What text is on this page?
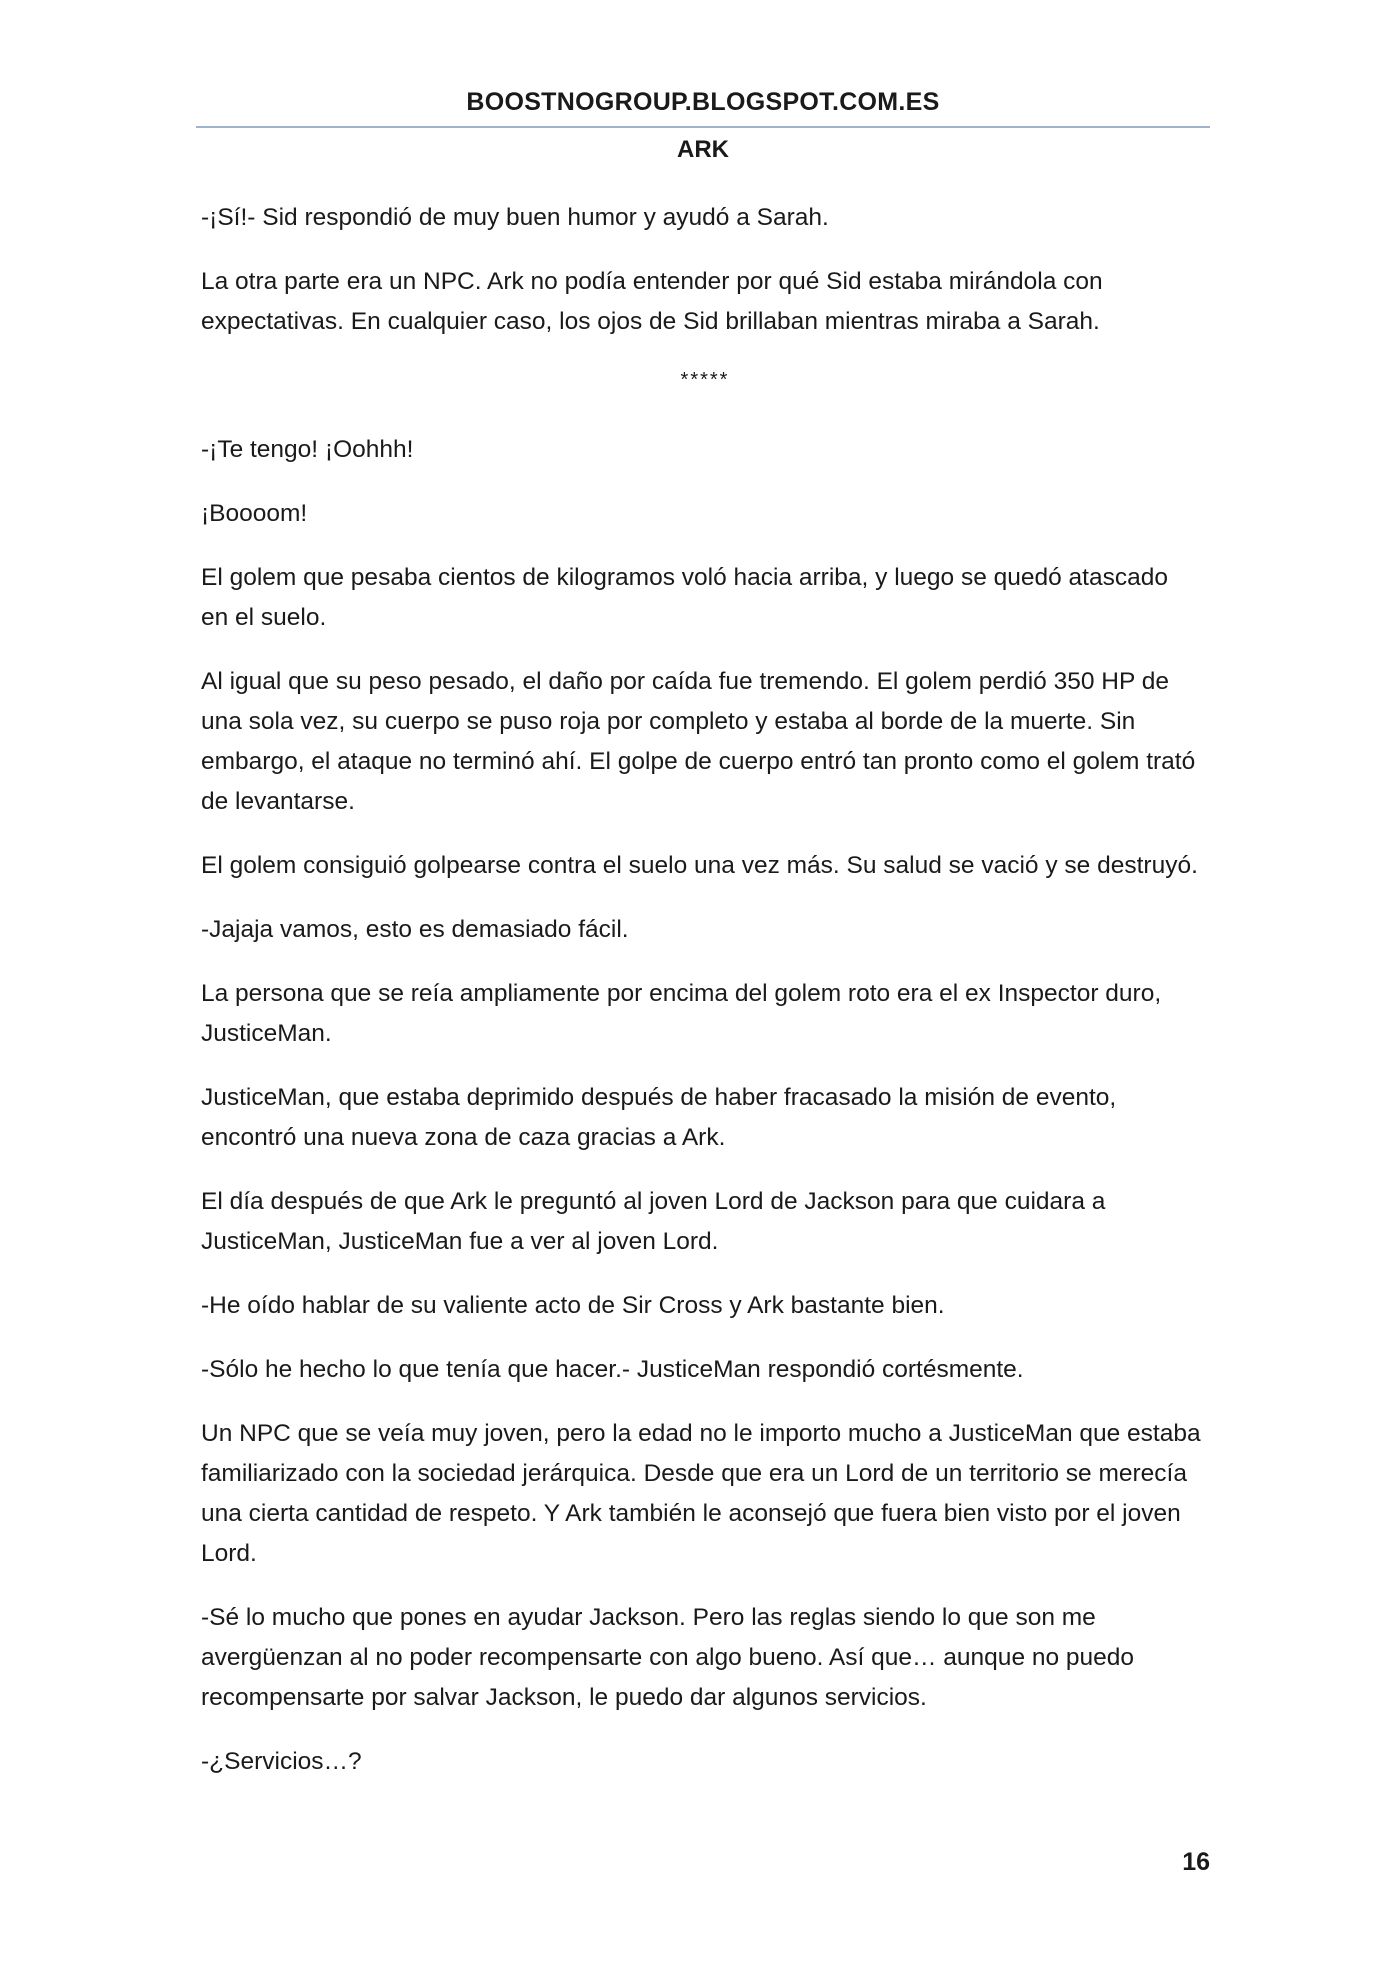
BOOSTNOGROUP.BLOGSPOT.COM.ES
ARK

-¡Sí!- Sid respondió de muy buen humor y ayudó a Sarah.

La otra parte era un NPC. Ark no podía entender por qué Sid estaba mirándola con expectativas. En cualquier caso, los ojos de Sid brillaban mientras miraba a Sarah.

*****

-¡Te tengo! ¡Oohhh!

¡Boooom!

El golem que pesaba cientos de kilogramos voló hacia arriba, y luego se quedó atascado en el suelo.

Al igual que su peso pesado, el daño por caída fue tremendo. El golem perdió 350 HP de una sola vez, su cuerpo se puso roja por completo y estaba al borde de la muerte. Sin embargo, el ataque no terminó ahí. El golpe de cuerpo entró tan pronto como el golem trató de levantarse.

El golem consiguió golpearse contra el suelo una vez más. Su salud se vació y se destruyó.

-Jajaja vamos, esto es demasiado fácil.

La persona que se reía ampliamente por encima del golem roto era el ex Inspector duro, JusticeMan.

JusticeMan, que estaba deprimido después de haber fracasado la misión de evento, encontró una nueva zona de caza gracias a Ark.

El día después de que Ark le preguntó al joven Lord de Jackson para que cuidara a JusticeMan, JusticeMan fue a ver al joven Lord.

-He oído hablar de su valiente acto de Sir Cross y Ark bastante bien.

-Sólo he hecho lo que tenía que hacer.- JusticeMan respondió cortésmente.

Un NPC que se veía muy joven, pero la edad no le importo mucho a JusticeMan que estaba familiarizado con la sociedad jerárquica. Desde que era un Lord de un territorio se merecía una cierta cantidad de respeto. Y Ark también le aconsejó que fuera bien visto por el joven Lord.

-Sé lo mucho que pones en ayudar Jackson. Pero las reglas siendo lo que son me avergüenzan al no poder recompensarte con algo bueno. Así que… aunque no puedo recompensarte por salvar Jackson, le puedo dar algunos servicios.

-¿Servicios…?

16
